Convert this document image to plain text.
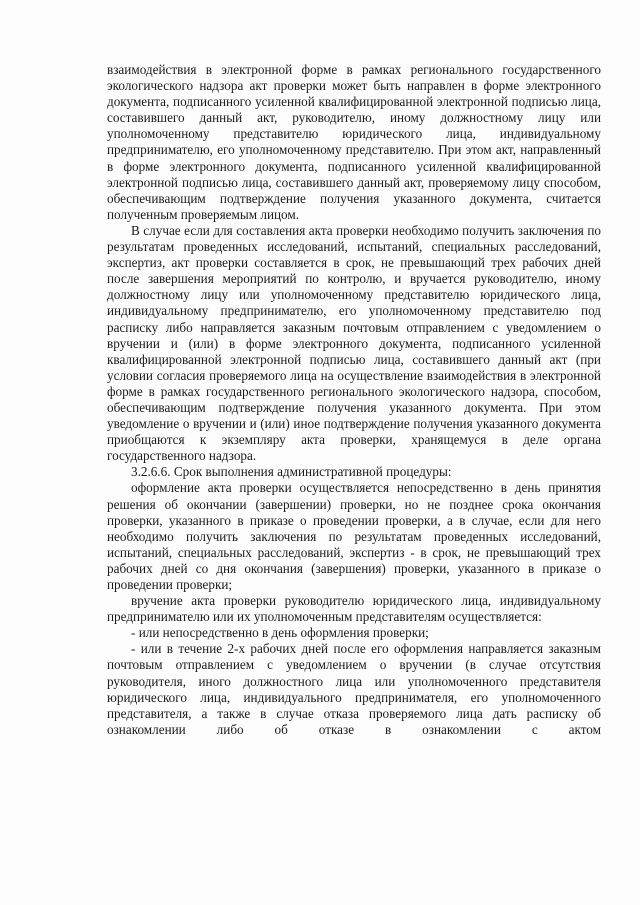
взаимодействия в электронной форме в рамках регионального государственного экологического надзора акт проверки может быть направлен в форме электронного документа, подписанного усиленной квалифицированной электронной подписью лица, составившего данный акт, руководителю, иному должностному лицу или уполномоченному представителю юридического лица, индивидуальному предпринимателю, его уполномоченному представителю. При этом акт, направленный в форме электронного документа, подписанного усиленной квалифицированной электронной подписью лица, составившего данный акт, проверяемому лицу способом, обеспечивающим подтверждение получения указанного документа, считается полученным проверяемым лицом.

В случае если для составления акта проверки необходимо получить заключения по результатам проведенных исследований, испытаний, специальных расследований, экспертиз, акт проверки составляется в срок, не превышающий трех рабочих дней после завершения мероприятий по контролю, и вручается руководителю, иному должностному лицу или уполномоченному представителю юридического лица, индивидуальному предпринимателю, его уполномоченному представителю под расписку либо направляется заказным почтовым отправлением с уведомлением о вручении и (или) в форме электронного документа, подписанного усиленной квалифицированной электронной подписью лица, составившего данный акт (при условии согласия проверяемого лица на осуществление взаимодействия в электронной форме в рамках государственного регионального экологического надзора, способом, обеспечивающим подтверждение получения указанного документа. При этом уведомление о вручении и (или) иное подтверждение получения указанного документа приобщаются к экземпляру акта проверки, хранящемуся в деле органа государственного надзора.

3.2.6.6. Срок выполнения административной процедуры:

оформление акта проверки осуществляется непосредственно в день принятия решения об окончании (завершении) проверки, но не позднее срока окончания проверки, указанного в приказе о проведении проверки, а в случае, если для него необходимо получить заключения по результатам проведенных исследований, испытаний, специальных расследований, экспертиз - в срок, не превышающий трех рабочих дней со дня окончания (завершения) проверки, указанного в приказе о проведении проверки;

вручение акта проверки руководителю юридического лица, индивидуальному предпринимателю или их уполномоченным представителям осуществляется:

- или непосредственно в день оформления проверки;

- или в течение 2-х рабочих дней после его оформления направляется заказным почтовым отправлением с уведомлением о вручении (в случае отсутствия руководителя, иного должностного лица или уполномоченного представителя юридического лица, индивидуального предпринимателя, его уполномоченного представителя, а также в случае отказа проверяемого лица дать расписку об ознакомлении либо об отказе в ознакомлении с актом
